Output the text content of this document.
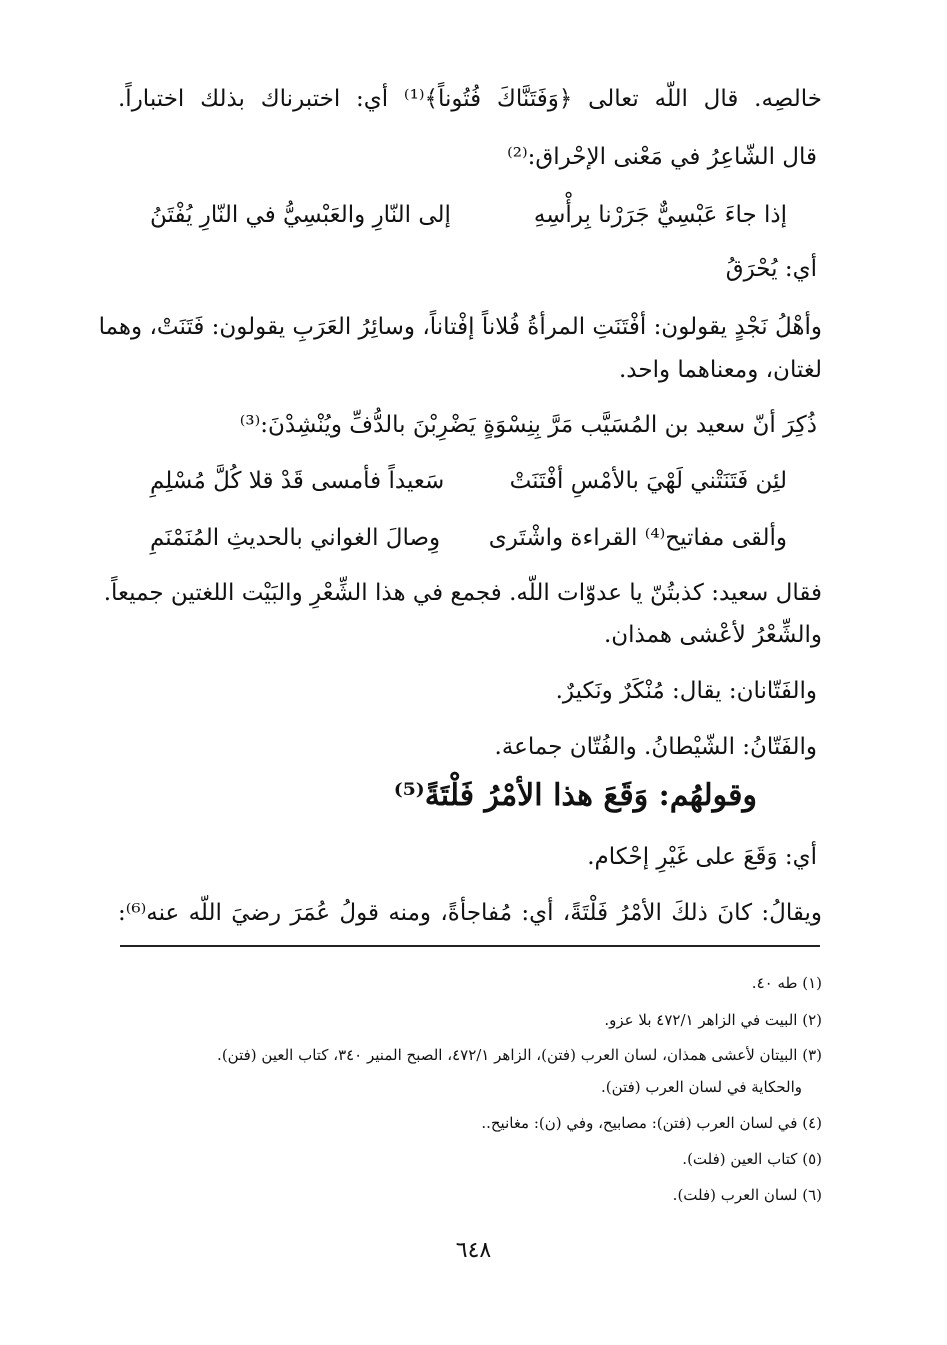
خالصِه. قال اللّه تعالى ﴿وَفَتَنَّاكَ فُتُوناً﴾⁽¹⁾ أي: اختبرناك بذلك اختباراً.
قال الشّاعِرُ في مَعْنى الإحْراق:⁽²⁾
إذا جاءَ عَبْسِيٌّ جَرَرْنا بِرأْسِهِ
إلى النّارِ والعَبْسِيُّ في النّارِ يُفْتَنُ
أي: يُحْرَقُ
وأهْلُ نَجْدٍ يقولون: أفْتَنَتِ المرأةُ فُلاناً إفْتاناً، وسائِرُ العَرَبِ يقولون: فَتَنَتْ، وهما
لغتان، ومعناهما واحد.
ذُكِرَ أنّ سعيد بن المُسَيَّب مَرَّ بِنِسْوَةٍ يَضْرِبْنَ بالدُّفِّ ويُنْشِدْنَ:⁽³⁾
لئِن فَتَنَتْني لَهْيَ بالأمْسِ أفْتَنَتْ
سَعيداً فأمسى قَدْ قلا كُلَّ مُسْلِمِ
وألقى مفاتيح⁽⁴⁾ القراءة واشْتَرى
وِصالَ الغواني بالحديثِ المُنَمْنَمِ
فقال سعيد: كذبتُنّ يا عدوّات اللّه. فجمع في هذا الشِّعْرِ والبَيْت اللغتين جميعاً.
والشِّعْرُ لأعْشى همذان.
والفَتّانان: يقال: مُنْكَرٌ ونَكيرٌ.
والفَتّانُ: الشّيْطانُ. والفُتّان جماعة.
وقولهُم: وَقَعَ هذا الأمْرُ فَلْتَةً⁽⁵⁾
أي: وَقَعَ على غَيْرِ إحْكام.
ويقالُ: كانَ ذلكَ الأمْرُ فَلْتَةً، أي: مُفاجأةً، ومنه قولُ عُمَرَ رضيَ اللّه عنه⁽⁶⁾:
(١) طه ٤٠.
(٢) البيت في الزاهر ٤٧٢/١ بلا عزو.
(٣) البيتان لأعشى همذان، لسان العرب (فتن)، الزاهر ٤٧٢/١، الصبح المنير ٣٤٠، كتاب العين (فتن).
والحكاية في لسان العرب (فتن).
(٤) في لسان العرب (فتن): مصابيح، وفي (ن): مغانيح..
(٥) كتاب العين (فلت).
(٦) لسان العرب (فلت).
٦٤٨
